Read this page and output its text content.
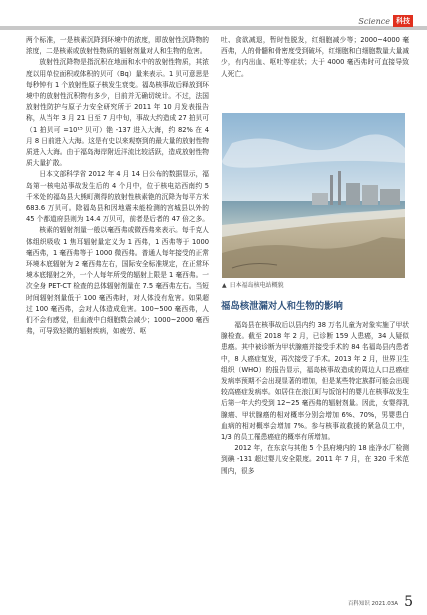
Science 科技

两个标准，一是核素沉降到环境中的浓度，即放射性沉降物的浓度，二是核素或放射性物质的辐射剂量对人和生物的危害。

放射性沉降物是指沉积在地面和水中的放射性物质，其浓度以用单位面积或体积的贝可（Bq）量来表示。1 贝可意思是每秒钟有 1 个放射性原子核发生衰变。福岛核事故后释放到环境中的放射性沉积物有多少，目前并无确切统计。不过，法国放射性防护与原子力安全研究所于 2011 年 10 月发表报告称，从当年 3 月 21 日至 7 月中旬，事故大约造成 27 拍贝可（1 拍贝可 =10¹⁵ 贝可）铯 -137 进入大海，约 82% 在 4 月 8 日前进入大海。这是有史以来观察到的最大量的放射性物质进入大海。由于福岛海岸附近洋流比较活跃，造成放射性物质大量扩散。

日本文部科学省 2012 年 4 月 14 日公布的数据显示，福岛第一核电站事故发生后的 4 个月中，位于核电站西南约 5 千米处的福岛县大熊町测得的放射性核素铯的沉降为每平方米 683.6 万贝可。除福岛县和因地震未能检测的宫城县以外的 45 个都道府县则为 14.4 万贝可，前者是后者的 47 倍之多。

核素的辐射剂量一般以毫西弗或微西弗来表示。每千克人体组织吸收 1 焦耳辐射量定义为 1 西弗，1 西弗等于 1000 毫西弗，1 毫西弗等于 1000 微西弗。普通人每年接受的正常环境本底辐射为 2 毫西弗左右，国际安全标准规定，在正常环境本底辐射之外，一个人每年所受的辐射上限是 1 毫西弗。一次全身 PET-CT 检查的总体辐射剂量在 7.5 毫西弗左右。当短时间辐射剂量低于 100 毫西弗时，对人体没有危害。如果超过 100 毫西弗，会对人体造成危害。100~500 毫西弗，人们不会有感觉，但血液中白细胞数会减少；1000~2000 毫西弗，可导致轻微的辐射疾病，如疲劳、呕

吐、食欲减退，暂时性脱发，红细胞减少等；2000~4000 毫西弗，人的骨髓和骨密度受到破坏，红细胞和白细胞数量大量减少，有内出血、呕吐等症状；大于 4000 毫西弗时可直接导致人死亡。

▲ 日本福岛核电站概貌
福岛核泄漏对人和生物的影响

福岛县在核事故后以县内约 38 万名儿童为对象实施了甲状腺检查。截至 2018 年 2 月，已诊断 159 人患癌，34 人疑似患癌。其中被诊断为甲状腺癌并接受手术的 84 名福岛县内患者中，8 人癌症复发，再次接受了手术。2013 年 2 月，世界卫生组织（WHO）的报告显示，福岛核事故造成的周边人口总癌症发病率预期不会出现显著的增加，但是某些特定族群可能会出现较高癌症发病率。如居住在浪江町与饭馆村的婴儿在核事故发生后第一年大约受到 12~25 毫西弗的辐射剂量。因此，女婴得乳腺癌、甲状腺癌的相对概率分别会增加 6%、70%，男婴患白血病的相对概率会增加 7%。参与核事故救援的紧急员工中，1/3 的员工罹患癌症的概率有所增加。

2012 年，在东京与其他 5 个县府境内的 18 座净水厂检测到碘 -131 超过婴儿安全限度。2011 年 7 月，在 320 千米范围内，很多

百科知识 2021.03A 5
